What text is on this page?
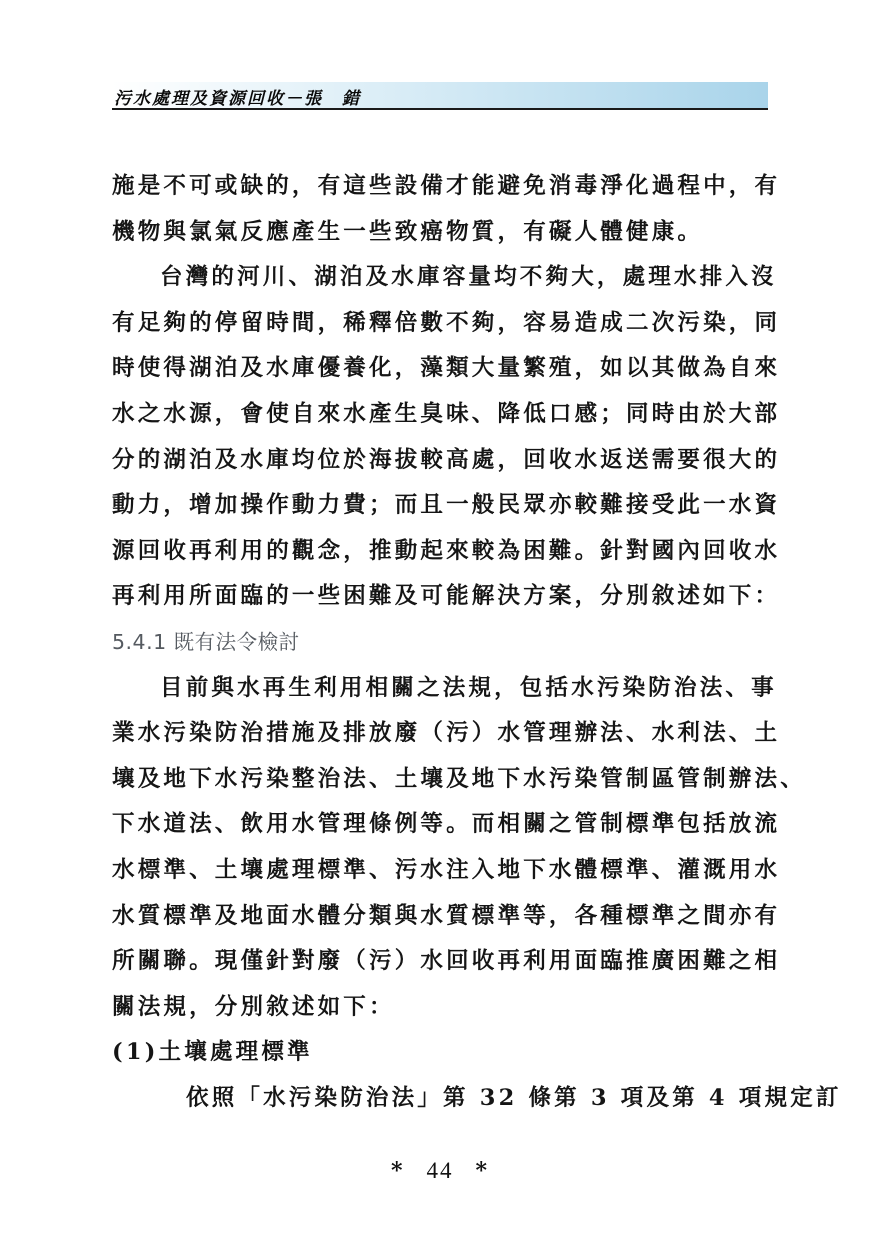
污水處理及資源回收－張　錯
施是不可或缺的，有這些設備才能避免消毒淨化過程中，有
機物與氯氣反應產生一些致癌物質，有礙人體健康。
台灣的河川、湖泊及水庫容量均不夠大，處理水排入沒
有足夠的停留時間，稀釋倍數不夠，容易造成二次污染，同
時使得湖泊及水庫優養化，藻類大量繁殖，如以其做為自來
水之水源，會使自來水產生臭味、降低口感；同時由於大部
分的湖泊及水庫均位於海拔較高處，回收水返送需要很大的
動力，增加操作動力費；而且一般民眾亦較難接受此一水資
源回收再利用的觀念，推動起來較為困難。針對國內回收水
再利用所面臨的一些困難及可能解決方案，分別敘述如下：
5.4.1 既有法令檢討
目前與水再生利用相關之法規，包括水污染防治法、事
業水污染防治措施及排放廢（污）水管理辦法、水利法、土
壤及地下水污染整治法、土壤及地下水污染管制區管制辦法、
下水道法、飲用水管理條例等。而相關之管制標準包括放流
水標準、土壤處理標準、污水注入地下水體標準、灌溉用水
水質標準及地面水體分類與水質標準等，各種標準之間亦有
所關聯。現僅針對廢（污）水回收再利用面臨推廣困難之相
關法規，分別敘述如下：
(1)土壤處理標準
依照「水污染防治法」第 32 條第 3 項及第 4 項規定訂
* 44 *
